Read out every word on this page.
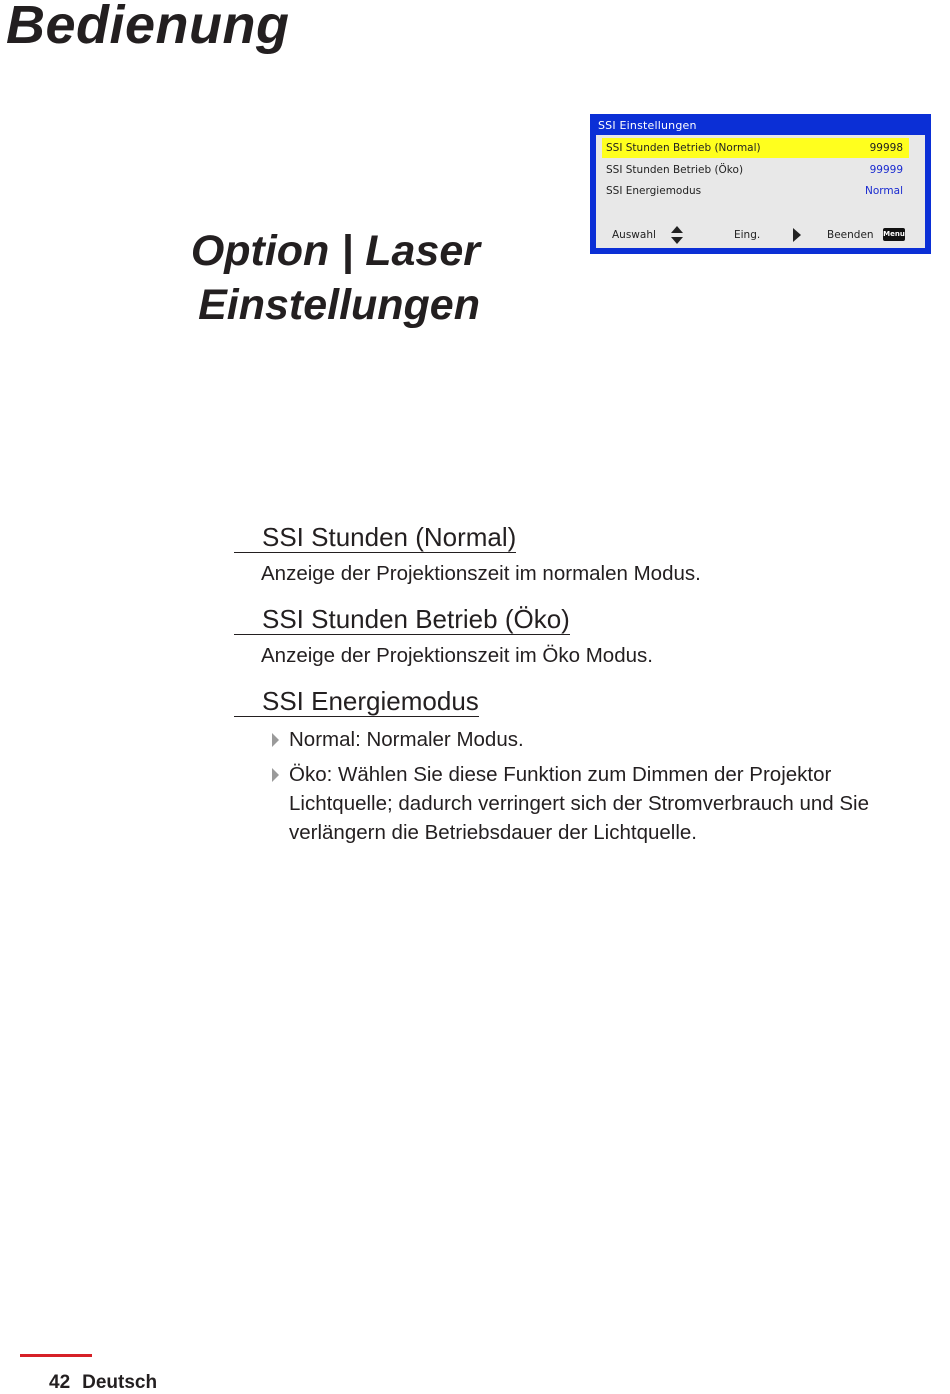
Bedienung
Option | Laser
Einstellungen
SSI Einstellungen
SSI Stunden Betrieb (Normal)	99998
SSI Stunden Betrieb (Öko)	99999
SSI Energiemodus	Normal
Auswahl	Eing.	Beenden Menu
SSI Stunden (Normal)
Anzeige der Projektionszeit im normalen Modus.
SSI Stunden Betrieb (Öko)
Anzeige der Projektionszeit im Öko Modus.
SSI Energiemodus
Normal: Normaler Modus.
Öko: Wählen Sie diese Funktion zum Dimmen der Projektor Lichtquelle; dadurch verringert sich der Stromverbrauch und Sie verlängern die Betriebsdauer der Lichtquelle.
42 Deutsch
